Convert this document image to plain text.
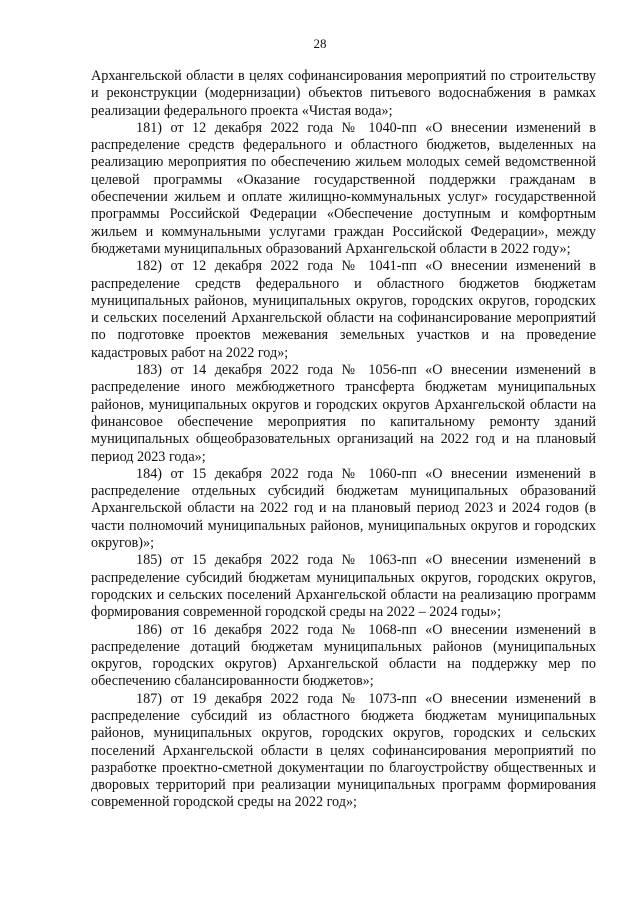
28

Архангельской области в целях софинансирования мероприятий по строительству и реконструкции (модернизации) объектов питьевого водоснабжения в рамках реализации федерального проекта «Чистая вода»;

181) от 12 декабря 2022 года № 1040-пп «О внесении изменений в распределение средств федерального и областного бюджетов, выделенных на реализацию мероприятия по обеспечению жильем молодых семей ведомственной целевой программы «Оказание государственной поддержки гражданам в обеспечении жильем и оплате жилищно-коммунальных услуг» государственной программы Российской Федерации «Обеспечение доступным и комфортным жильем и коммунальными услугами граждан Российской Федерации», между бюджетами муниципальных образований Архангельской области в 2022 году»;

182) от 12 декабря 2022 года № 1041-пп «О внесении изменений в распределение средств федерального и областного бюджетов бюджетам муниципальных районов, муниципальных округов, городских округов, городских и сельских поселений Архангельской области на софинансирование мероприятий по подготовке проектов межевания земельных участков и на проведение кадастровых работ на 2022 год»;

183) от 14 декабря 2022 года № 1056-пп «О внесении изменений в распределение иного межбюджетного трансферта бюджетам муниципальных районов, муниципальных округов и городских округов Архангельской области на финансовое обеспечение мероприятия по капитальному ремонту зданий муниципальных общеобразовательных организаций на 2022 год и на плановый период 2023 года»;

184) от 15 декабря 2022 года № 1060-пп «О внесении изменений в распределение отдельных субсидий бюджетам муниципальных образований Архангельской области на 2022 год и на плановый период 2023 и 2024 годов (в части полномочий муниципальных районов, муниципальных округов и городских округов)»;

185) от 15 декабря 2022 года № 1063-пп «О внесении изменений в распределение субсидий бюджетам муниципальных округов, городских округов, городских и сельских поселений Архангельской области на реализацию программ формирования современной городской среды на 2022 – 2024 годы»;

186) от 16 декабря 2022 года № 1068-пп «О внесении изменений в распределение дотаций бюджетам муниципальных районов (муниципальных округов, городских округов) Архангельской области на поддержку мер по обеспечению сбалансированности бюджетов»;

187) от 19 декабря 2022 года № 1073-пп «О внесении изменений в распределение субсидий из областного бюджета бюджетам муниципальных районов, муниципальных округов, городских округов, городских и сельских поселений Архангельской области в целях софинансирования мероприятий по разработке проектно-сметной документации по благоустройству общественных и дворовых территорий при реализации муниципальных программ формирования современной городской среды на 2022 год»;
